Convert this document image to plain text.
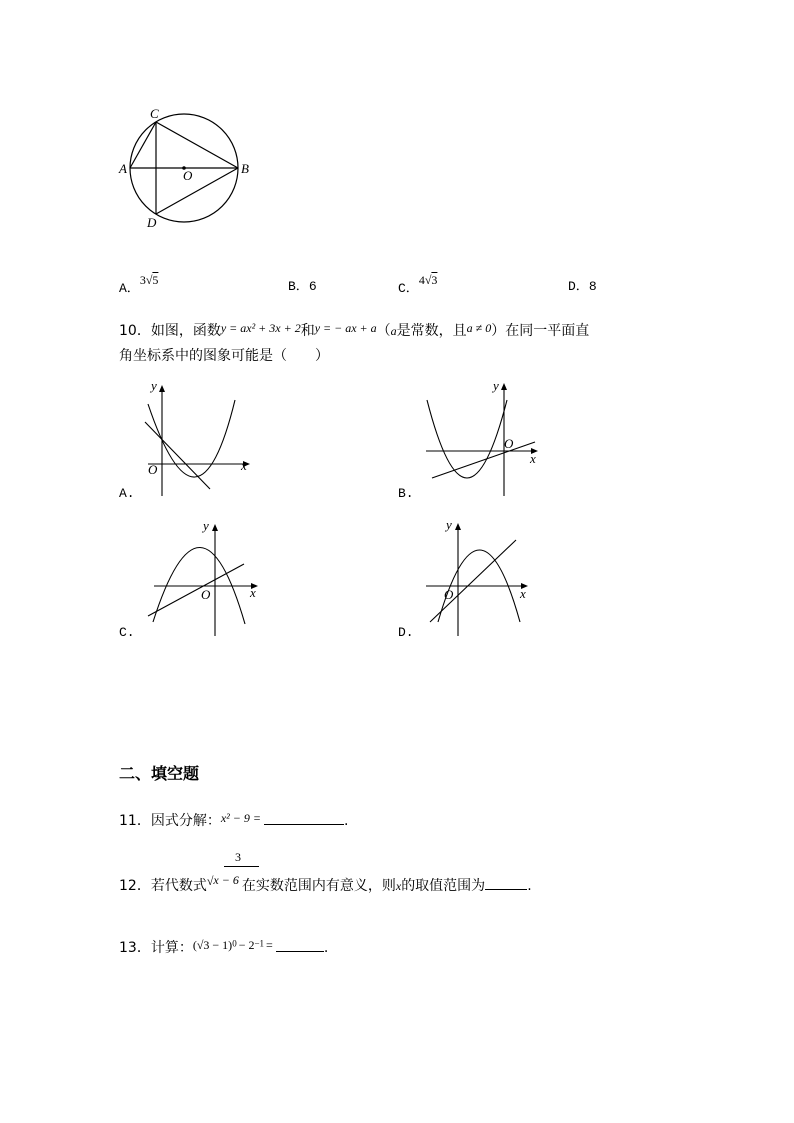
C
A	O	B
D
A．3√5	B．6	C．4√3	D．8
10．如图，函数y = ax² + 3x + 2和y = − ax + a（a是常数，且a ≠ 0）在同一平面直
角坐标系中的图象可能是（　　）
x
y
O
A.
x
y
O
B.
x
y
O
C.
x
y
O
D.
二、填空题
11．因式分解：x² − 9 =	.
3
12．若代数式√x − 6 在实数范围内有意义，则x的取值范围为	.
13．计算：$(√3 - 1)^0 - 2^{-1}$ =	.
